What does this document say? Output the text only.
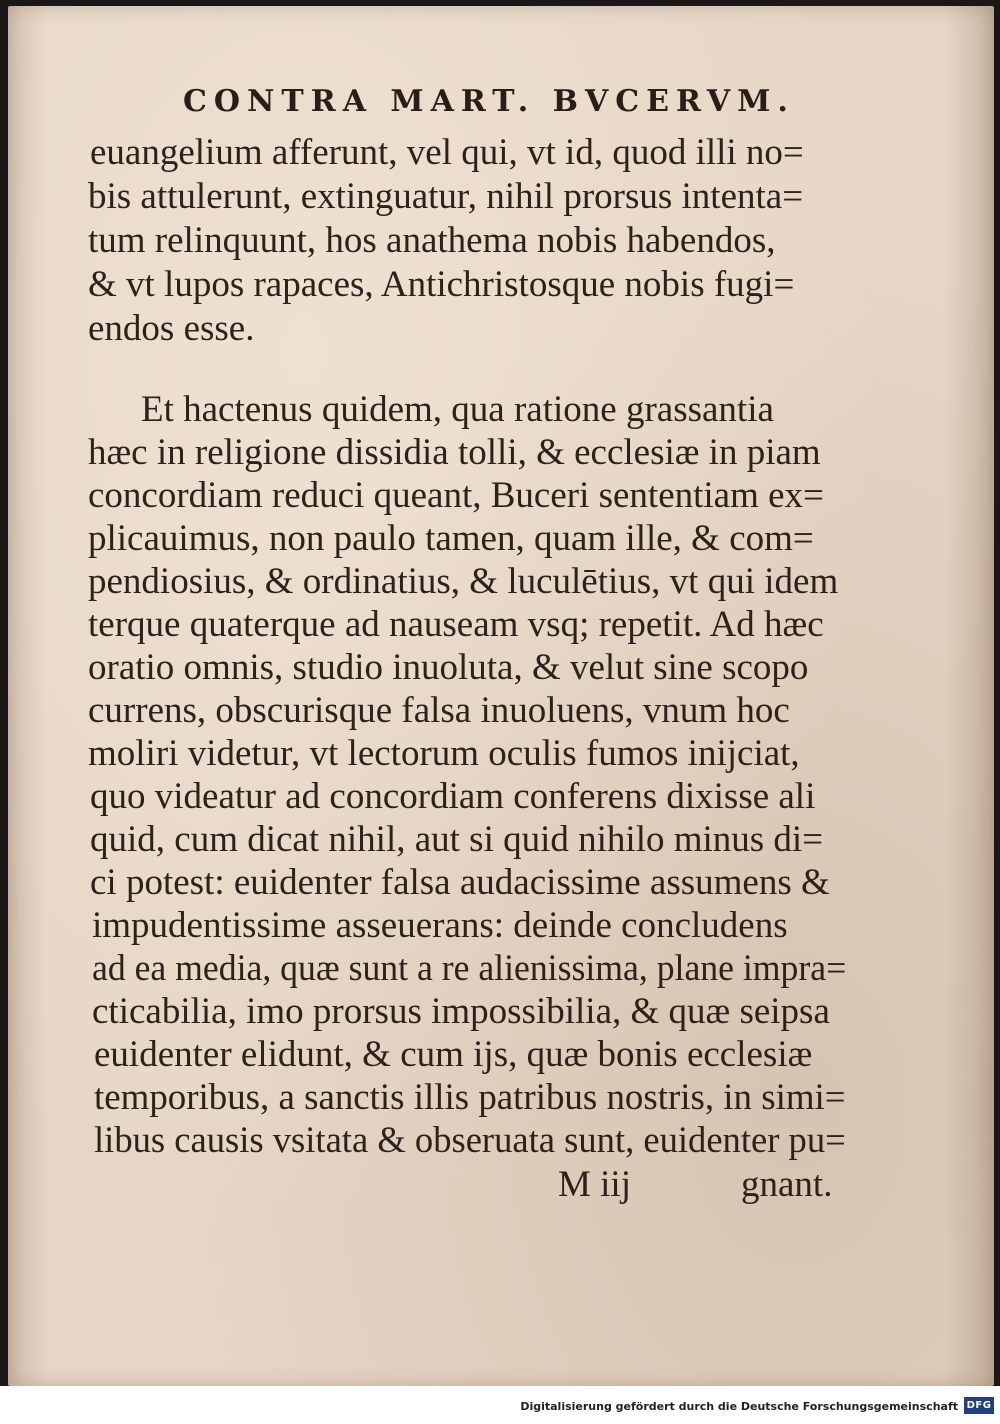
CONTRA MART. BVCERVM.
euangelium afferunt, vel qui, vt id, quod illi no=
bis attulerunt, extinguatur, nihil prorsus intenta=
tum relinquunt, hos anathema nobis habendos,
& vt lupos rapaces, Antichristosque nobis fugi=
endos esse.
Et hactenus quidem, qua ratione grassantia
hæc in religione dissidia tolli, & ecclesiæ in piam
concordiam reduci queant, Buceri sententiam ex=
plicauimus, non paulo tamen, quam ille, & com=
pendiosius, & ordinatius, & luculētius, vt qui idem
terque quaterque ad nauseam vsq; repetit. Ad hæc
oratio omnis, studio inuoluta, & velut sine scopo
currens, obscurisque falsa inuoluens, vnum hoc
moliri videtur, vt lectorum oculis fumos inijciat,
quo videatur ad concordiam conferens dixisse ali
quid, cum dicat nihil, aut si quid nihilo minus di=
ci potest: euidenter falsa audacissime assumens &
impudentissime asseuerans: deinde concludens
ad ea media, quæ sunt a re alienissima, plane impra=
cticabilia, imo prorsus impossibilia, & quæ seipsa
euidenter elidunt, & cum ijs, quæ bonis ecclesiæ
temporibus, a sanctis illis patribus nostris, in simi=
libus causis vsitata & obseruata sunt, euidenter pu=
M iij	gnant.
Digitalisierung gefördert durch die Deutsche Forschungsgemeinschaft DFG
